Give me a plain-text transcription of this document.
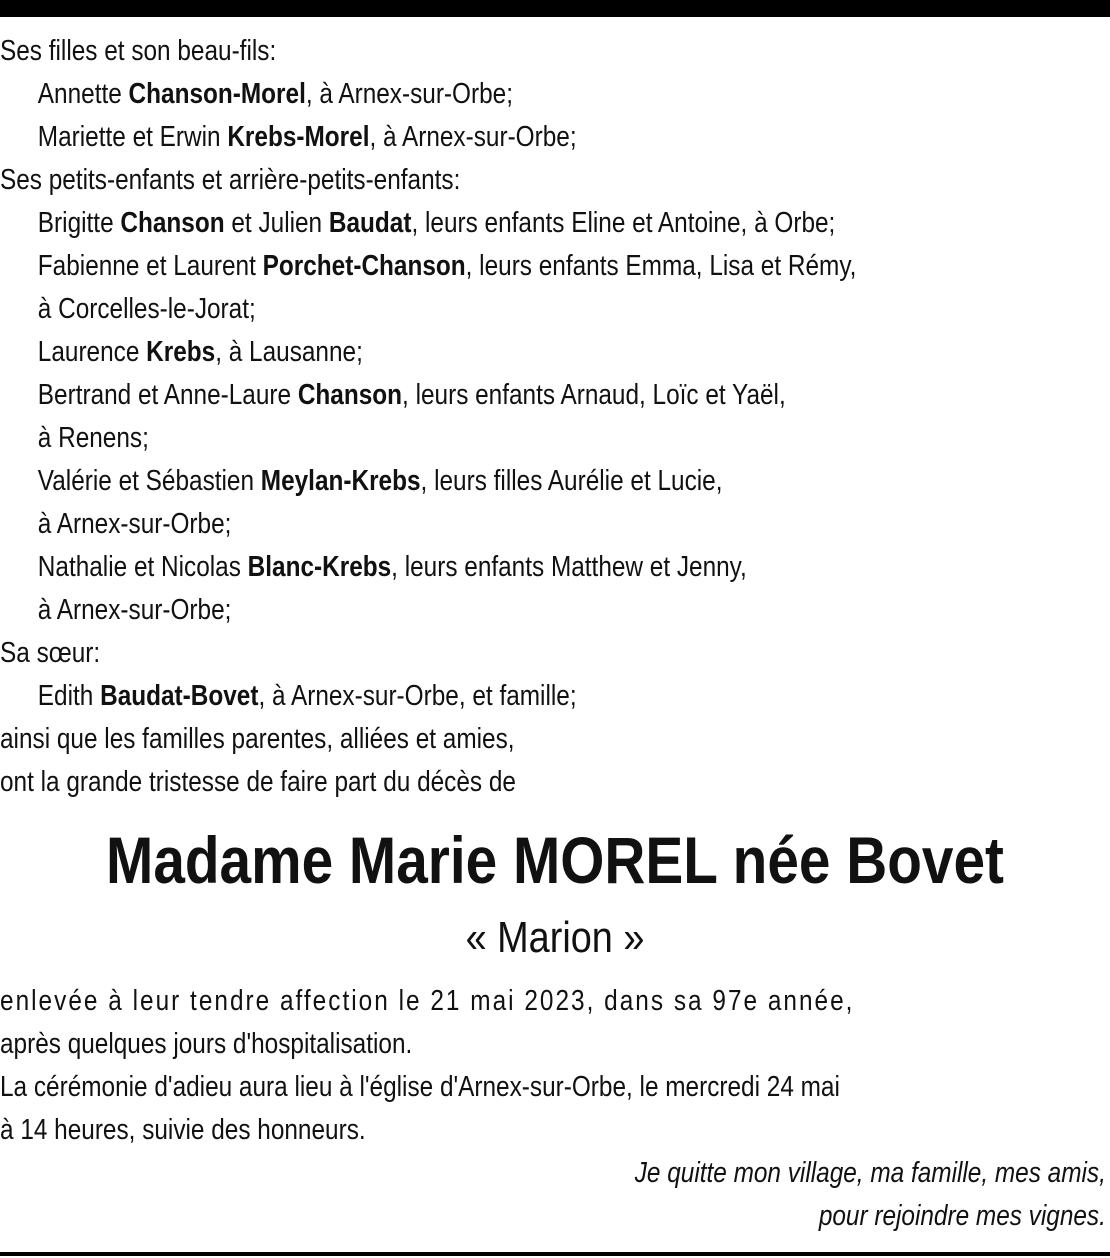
Ses filles et son beau-fils:
Annette Chanson-Morel, à Arnex-sur-Orbe;
Mariette et Erwin Krebs-Morel, à Arnex-sur-Orbe;
Ses petits-enfants et arrière-petits-enfants:
Brigitte Chanson et Julien Baudat, leurs enfants Eline et Antoine, à Orbe;
Fabienne et Laurent Porchet-Chanson, leurs enfants Emma, Lisa et Rémy,
à Corcelles-le-Jorat;
Laurence Krebs, à Lausanne;
Bertrand et Anne-Laure Chanson, leurs enfants Arnaud, Loïc et Yaël,
à Renens;
Valérie et Sébastien Meylan-Krebs, leurs filles Aurélie et Lucie,
à Arnex-sur-Orbe;
Nathalie et Nicolas Blanc-Krebs, leurs enfants Matthew et Jenny,
à Arnex-sur-Orbe;
Sa sœur:
Edith Baudat-Bovet, à Arnex-sur-Orbe, et famille;
ainsi que les familles parentes, alliées et amies,
ont la grande tristesse de faire part du décès de
Madame Marie MOREL née Bovet
« Marion »
enlevée à leur tendre affection le 21 mai 2023, dans sa 97e année,
après quelques jours d'hospitalisation.
La cérémonie d'adieu aura lieu à l'église d'Arnex-sur-Orbe, le mercredi 24 mai
à 14 heures, suivie des honneurs.
Je quitte mon village, ma famille, mes amis,
pour rejoindre mes vignes.
